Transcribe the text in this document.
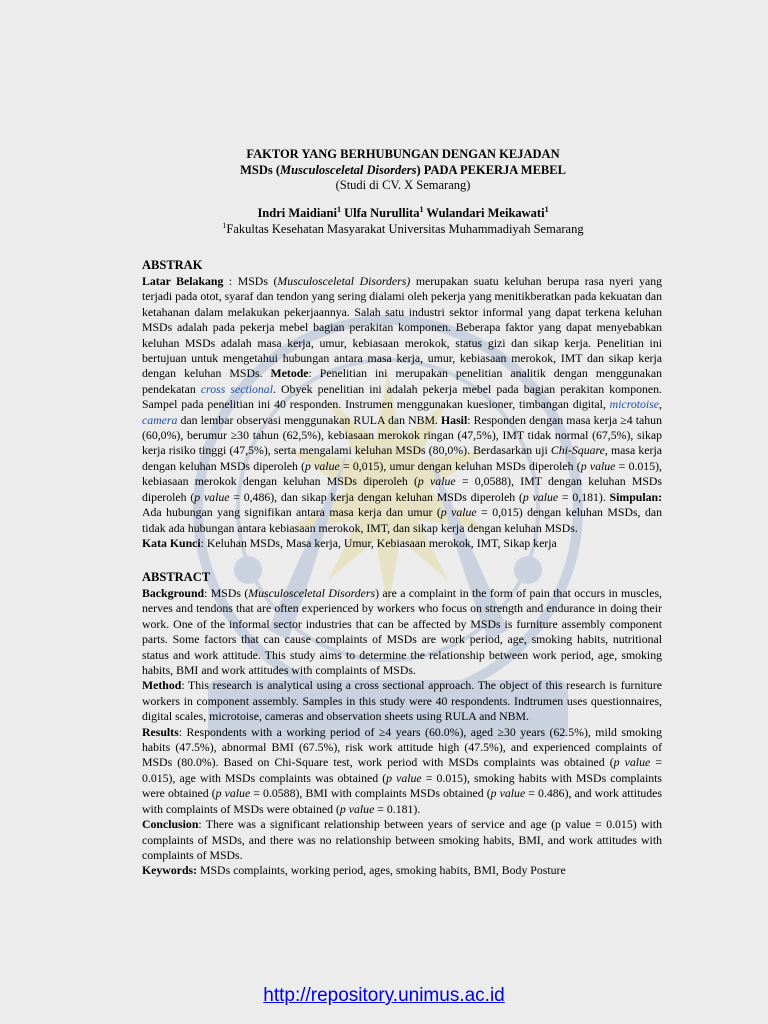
FAKTOR YANG BERHUBUNGAN DENGAN KEJADAN
MSDs (Musculosceletal Disorders) PADA PEKERJA MEBEL
(Studi di CV. X Semarang)
Indri Maidiani$^1$ Ulfa Nurullita$^1$ Wulandari Meikawati$^1$
$^1$Fakultas Kesehatan Masyarakat Universitas Muhammadiyah Semarang
ABSTRAK

Latar Belakang : MSDs (Musculosceletal Disorders) merupakan suatu keluhan berupa rasa nyeri yang terjadi pada otot, syaraf dan tendon yang sering dialami oleh pekerja yang menitikberatkan pada kekuatan dan ketahanan dalam melakukan pekerjaannya. Salah satu industri sektor informal yang dapat terkena keluhan MSDs adalah pada pekerja mebel bagian perakitan komponen. Beberapa faktor yang dapat menyebabkan keluhan MSDs adalah masa kerja, umur, kebiasaan merokok, status gizi dan sikap kerja. Penelitian ini bertujuan untuk mengetahui hubungan antara masa kerja, umur, kebiasaan merokok, IMT dan sikap kerja dengan keluhan MSDs. Metode: Penelitian ini merupakan penelitian analitik dengan menggunakan pendekatan cross sectional. Obyek penelitian ini adalah pekerja mebel pada bagian perakitan komponen. Sampel pada penelitian ini 40 responden. Instrumen menggunakan kuesioner, timbangan digital, microtoise, camera dan lembar observasi menggunakan RULA dan NBM. Hasil: Responden dengan masa kerja ≥4 tahun (60,0%), berumur ≥30 tahun (62,5%), kebiasaan merokok ringan (47,5%), IMT tidak normal (67,5%), sikap kerja risiko tinggi (47,5%), serta mengalami keluhan MSDs (80,0%). Berdasarkan uji Chi-Square, masa kerja dengan keluhan MSDs diperoleh (p value = 0,015), umur dengan keluhan MSDs diperoleh (p value = 0.015), kebiasaan merokok dengan keluhan MSDs diperoleh (p value = 0,0588), IMT dengan keluhan MSDs diperoleh (p value = 0,486), dan sikap kerja dengan keluhan MSDs diperoleh (p value = 0,181). Simpulan: Ada hubungan yang signifikan antara masa kerja dan umur (p value = 0,015) dengan keluhan MSDs, dan tidak ada hubungan antara kebiasaan merokok, IMT, dan sikap kerja dengan keluhan MSDs.

Kata Kunci: Keluhan MSDs, Masa kerja, Umur, Kebiasaan merokok, IMT, Sikap kerja

ABSTRACT

Background: MSDs (Musculosceletal Disorders) are a complaint in the form of pain that occurs in muscles, nerves and tendons that are often experienced by workers who focus on strength and endurance in doing their work. One of the informal sector industries that can be affected by MSDs is furniture assembly component parts. Some factors that can cause complaints of MSDs are work period, age, smoking habits, nutritional status and work attitude. This study aims to determine the relationship between work period, age, smoking habits, BMI and work attitudes with complaints of MSDs.

Method: This research is analytical using a cross sectional approach. The object of this research is furniture workers in component assembly. Samples in this study were 40 respondents. Indtrumen uses questionnaires, digital scales, microtoise, cameras and observation sheets using RULA and NBM.

Results: Respondents with a working period of ≥4 years (60.0%), aged ≥30 years (62.5%), mild smoking habits (47.5%), abnormal BMI (67.5%), risk work attitude high (47.5%), and experienced complaints of MSDs (80.0%). Based on Chi-Square test, work period with MSDs complaints was obtained (p value = 0.015), age with MSDs complaints was obtained (p value = 0.015), smoking habits with MSDs complaints were obtained (p value = 0.0588), BMI with complaints MSDs obtained (p value = 0.486), and work attitudes with complaints of MSDs were obtained (p value = 0.181).

Conclusion: There was a significant relationship between years of service and age (p value = 0.015) with complaints of MSDs, and there was no relationship between smoking habits, BMI, and work attitudes with complaints of MSDs.

Keywords: MSDs complaints, working period, ages, smoking habits, BMI, Body Posture

http://repository.unimus.ac.id
